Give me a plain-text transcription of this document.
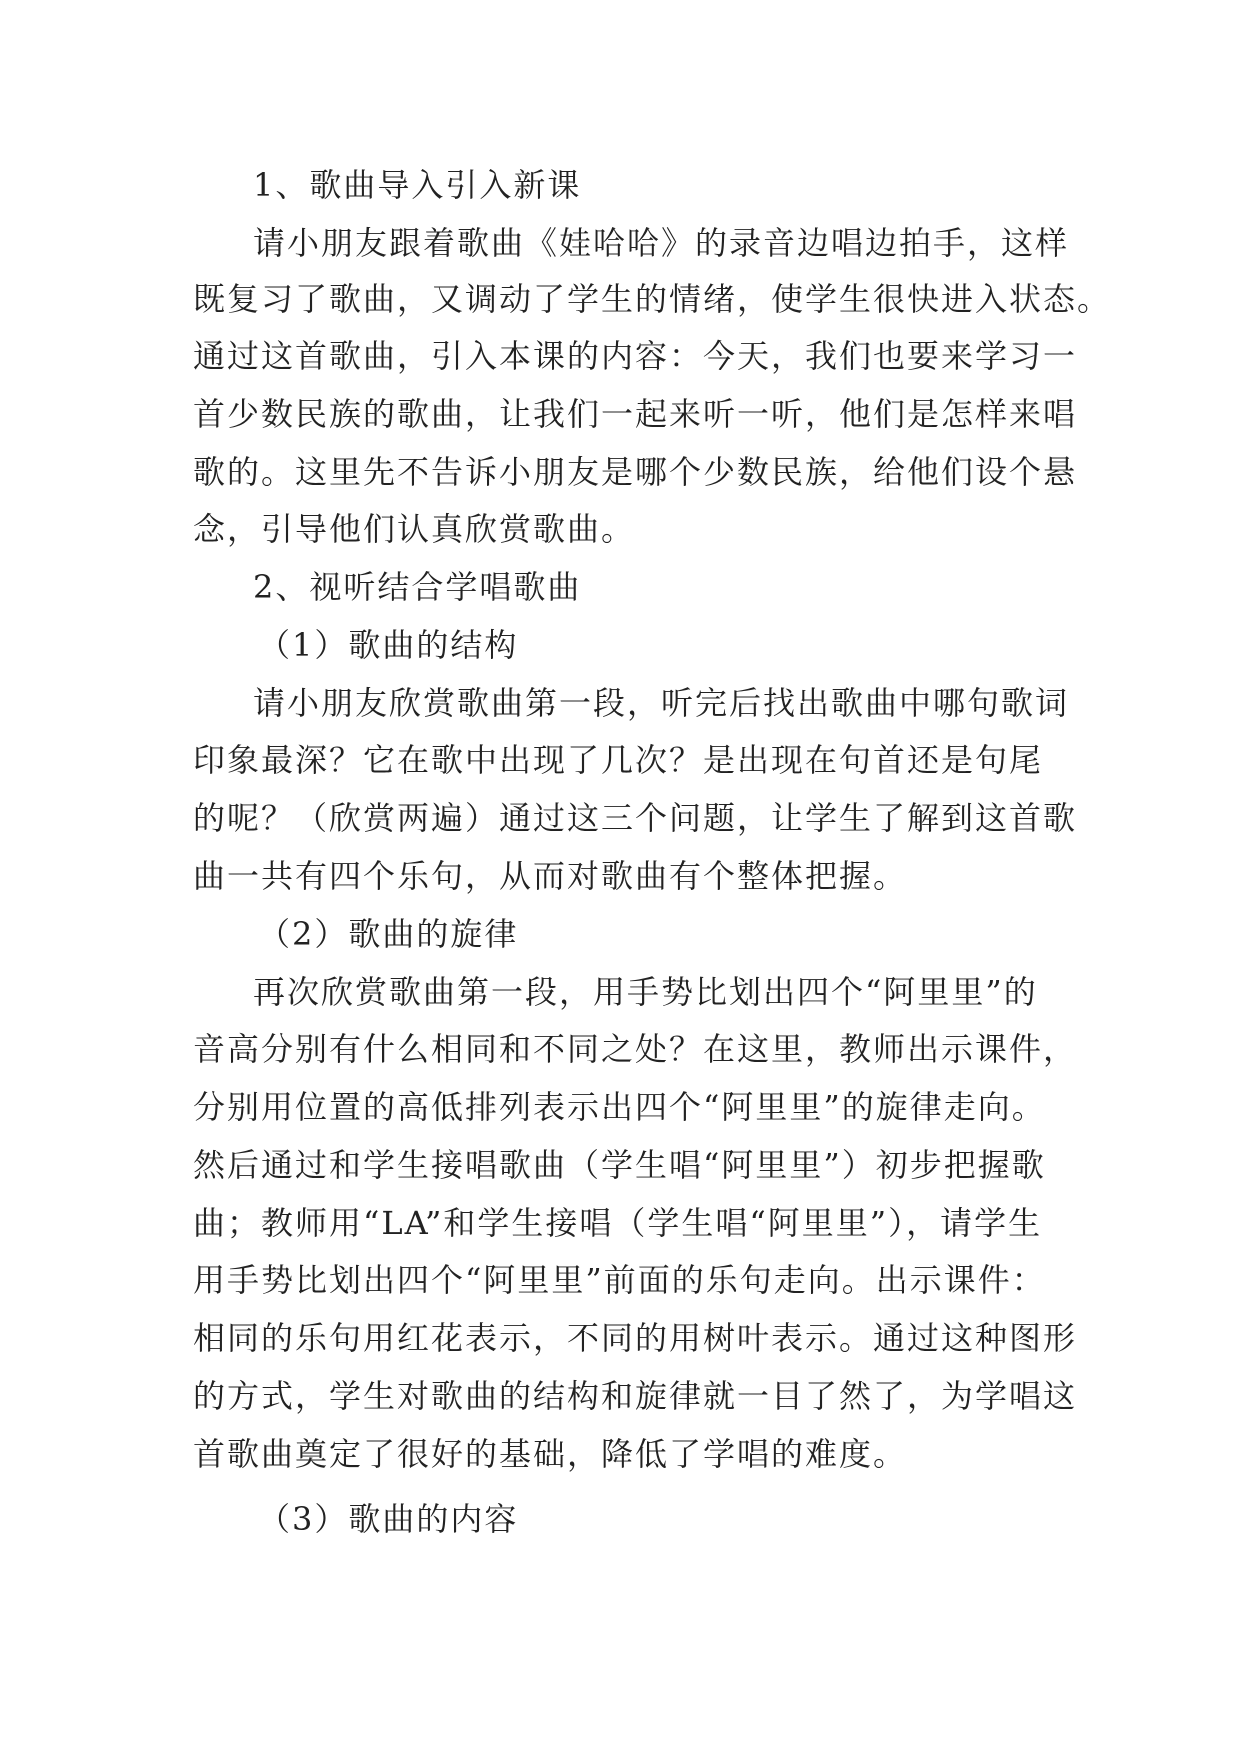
1、歌曲导入引入新课
请小朋友跟着歌曲《娃哈哈》的录音边唱边拍手，这样
既复习了歌曲，又调动了学生的情绪，使学生很快进入状态。
通过这首歌曲，引入本课的内容：今天，我们也要来学习一
首少数民族的歌曲，让我们一起来听一听，他们是怎样来唱
歌的。这里先不告诉小朋友是哪个少数民族，给他们设个悬
念，引导他们认真欣赏歌曲。
2、视听结合学唱歌曲
（1）歌曲的结构
请小朋友欣赏歌曲第一段，听完后找出歌曲中哪句歌词
印象最深？它在歌中出现了几次？是出现在句首还是句尾
的呢？（欣赏两遍）通过这三个问题，让学生了解到这首歌
曲一共有四个乐句，从而对歌曲有个整体把握。
（2）歌曲的旋律
再次欣赏歌曲第一段，用手势比划出四个“阿里里”的
音高分别有什么相同和不同之处？在这里，教师出示课件，
分别用位置的高低排列表示出四个“阿里里”的旋律走向。
然后通过和学生接唱歌曲（学生唱“阿里里”）初步把握歌
曲；教师用“LA”和学生接唱（学生唱“阿里里”），请学生
用手势比划出四个“阿里里”前面的乐句走向。出示课件：
相同的乐句用红花表示，不同的用树叶表示。通过这种图形
的方式，学生对歌曲的结构和旋律就一目了然了，为学唱这
首歌曲奠定了很好的基础，降低了学唱的难度。
（3）歌曲的内容
